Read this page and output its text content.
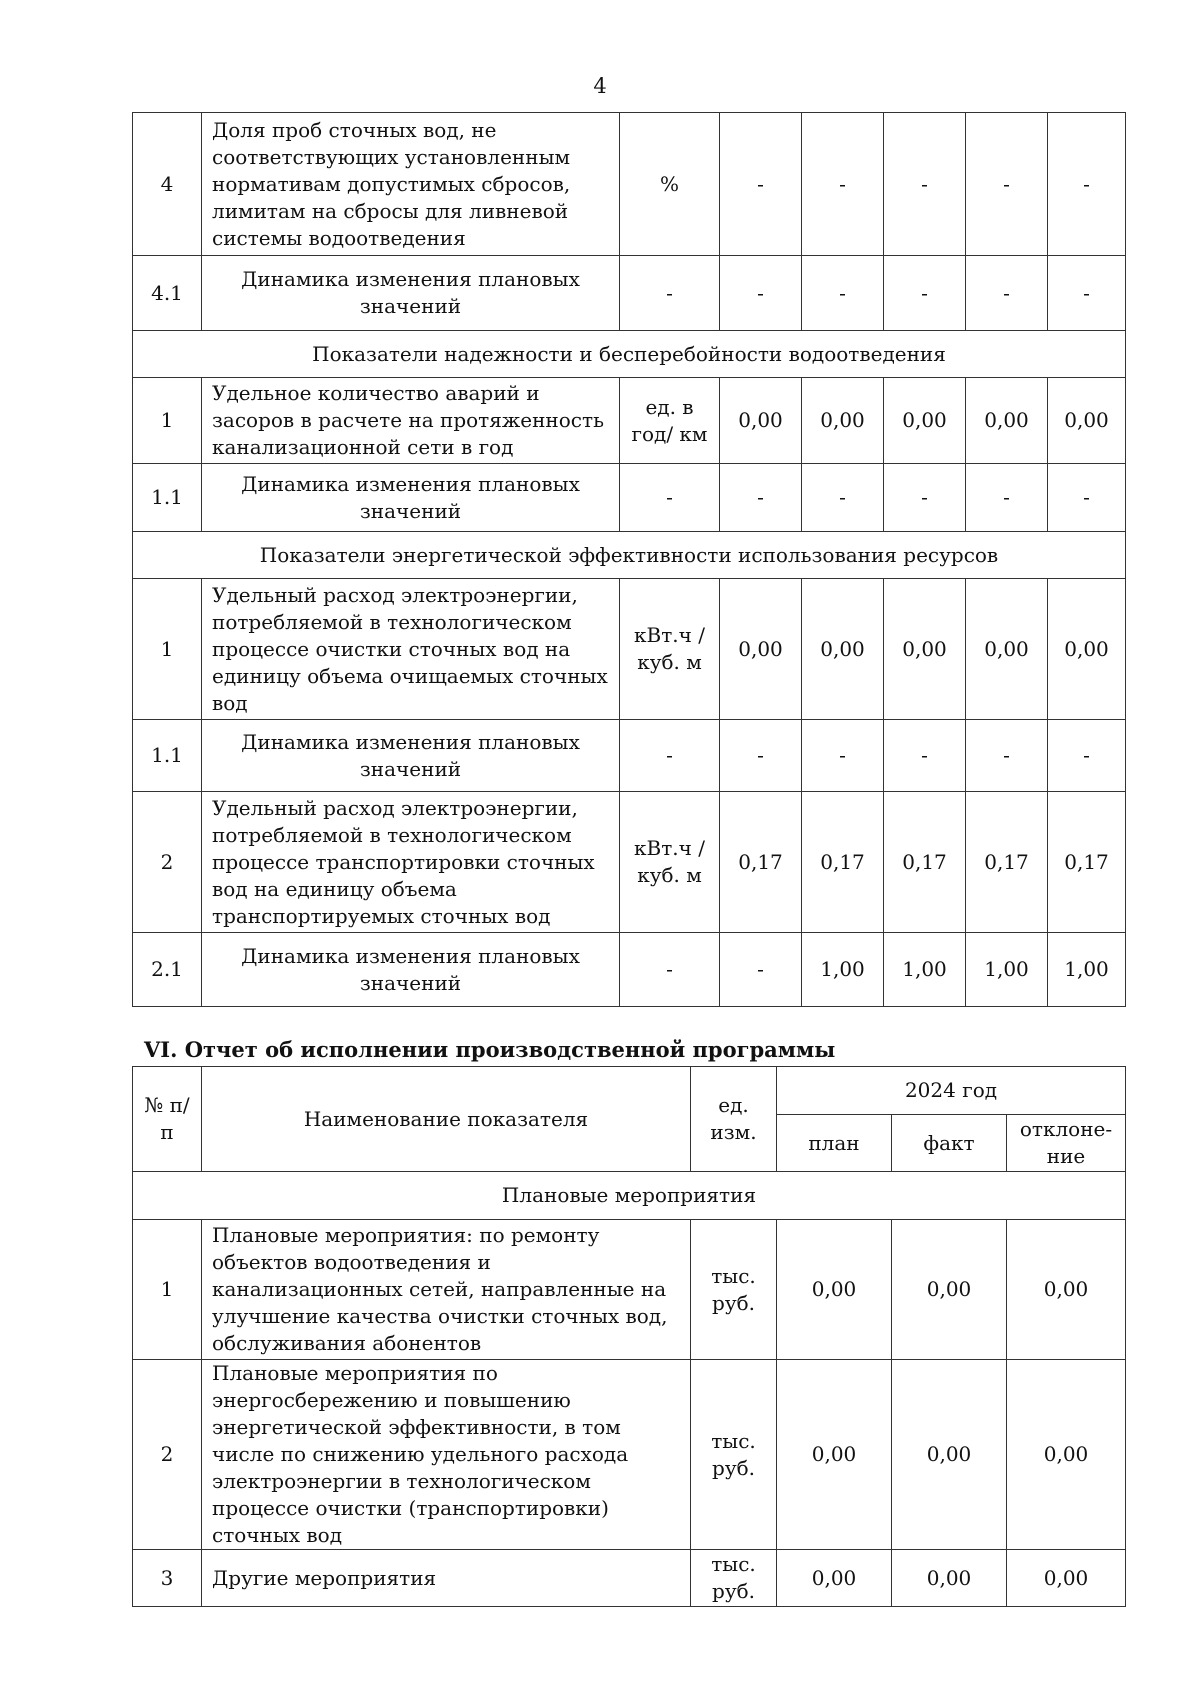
4
4	Доля проб сточных вод, не соответствующих установленным нормативам допустимых сбросов, лимитам на сбросы для ливневой системы водоотведения	%	-	-	-	-	-
4.1	Динамика изменения плановых значений	-	-	-	-	-	-
Показатели надежности и бесперебойности водоотведения							
1	Удельное количество аварий и засоров в расчете на протяженность канализационной сети в год	ед. в год/ км	0,00	0,00	0,00	0,00	0,00
1.1	Динамика изменения плановых значений	-	-	-	-	-	-
Показатели энергетической эффективности использования ресурсов							
1	Удельный расход электроэнергии, потребляемой в технологическом процессе очистки сточных вод на единицу объема очищаемых сточных вод	кВт.ч / куб. м	0,00	0,00	0,00	0,00	0,00
1.1	Динамика изменения плановых значений	-	-	-	-	-	-
2	Удельный расход электроэнергии, потребляемой в технологическом процессе транспортировки сточных вод на единицу объема транспортируемых сточных вод	кВт.ч / куб. м	0,17	0,17	0,17	0,17	0,17
2.1	Динамика изменения плановых значений	-	-	1,00	1,00	1,00	1,00
VI. Отчет об исполнении производственной программы
№ п/п	Наименование показателя	ед. изм.	2024 год		
			план	факт	отклоне-ние
Плановые мероприятия					
1	Плановые мероприятия: по ремонту объектов водоотведения и канализационных сетей, направленные на улучшение качества очистки сточных вод, обслуживания абонентов	тыс. руб.	0,00	0,00	0,00
2	Плановые мероприятия по энергосбережению и повышению энергетической эффективности, в том числе по снижению удельного расхода электроэнергии в технологическом процессе очистки (транспортировки) сточных вод	тыс. руб.	0,00	0,00	0,00
3	Другие мероприятия	тыс. руб.	0,00	0,00	0,00
